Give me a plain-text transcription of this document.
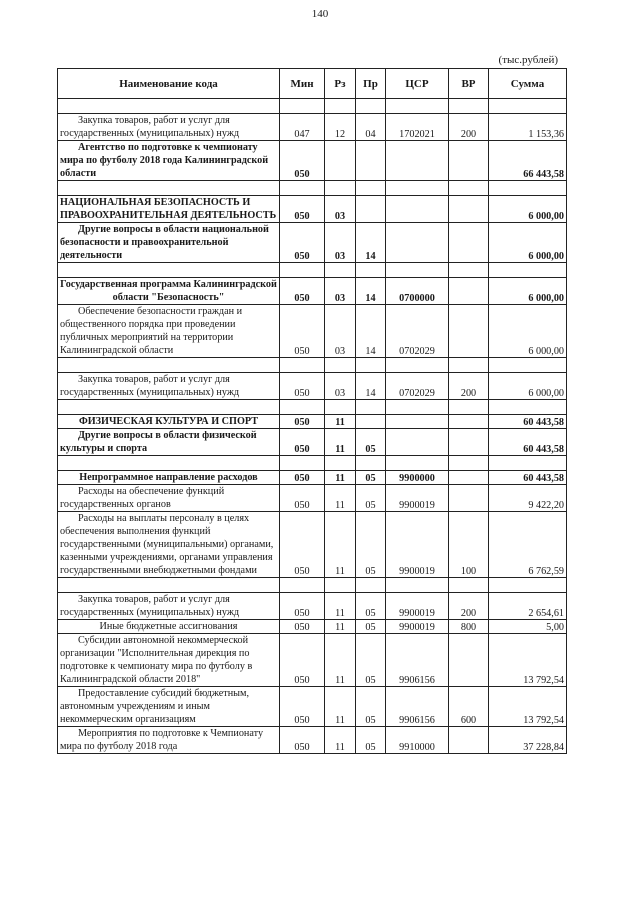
140
(тыс.рублей)
Наименование кода	Мин	Рз	Пр	ЦСР	ВР	Сумма

Закупка товаров, работ и услуг для государственных (муниципальных) нужд	047	12	04	1702021	200	1 153,36
Агентство по подготовке к чемпионату мира по футболу 2018 года Калининградской области	050					66 443,58

НАЦИОНАЛЬНАЯ БЕЗОПАСНОСТЬ И ПРАВООХРАНИТЕЛЬНАЯ ДЕЯТЕЛЬНОСТЬ	050	03				6 000,00
Другие вопросы в области национальной безопасности и правоохранительной деятельности	050	03	14			6 000,00

Государственная программа Калининградской области "Безопасность"	050	03	14	0700000		6 000,00
Обеспечение безопасности граждан и общественного порядка при проведении публичных мероприятий на территории Калининградской области	050	03	14	0702029		6 000,00

Закупка товаров, работ и услуг для государственных (муниципальных) нужд	050	03	14	0702029	200	6 000,00

ФИЗИЧЕСКАЯ КУЛЬТУРА И СПОРТ	050	11				60 443,58
Другие вопросы в области физической культуры и спорта	050	11	05			60 443,58

Непрограммное направление расходов	050	11	05	9900000		60 443,58
Расходы на обеспечение функций государственных органов	050	11	05	9900019		9 422,20
Расходы на выплаты персоналу в целях обеспечения выполнения функций государственными (муниципальными) органами, казенными учреждениями, органами управления государственными внебюджетными фондами	050	11	05	9900019	100	6 762,59

Закупка товаров, работ и услуг для государственных (муниципальных) нужд	050	11	05	9900019	200	2 654,61
Иные бюджетные ассигнования	050	11	05	9900019	800	5,00
Субсидии автономной некоммерческой организации "Исполнительная дирекция по подготовке к чемпионату мира по футболу в Калининградской области 2018"	050	11	05	9906156		13 792,54
Предоставление субсидий бюджетным, автономным учреждениям и иным некоммерческим организациям	050	11	05	9906156	600	13 792,54
Мероприятия по подготовке к Чемпионату мира по футболу 2018 года	050	11	05	9910000		37 228,84
